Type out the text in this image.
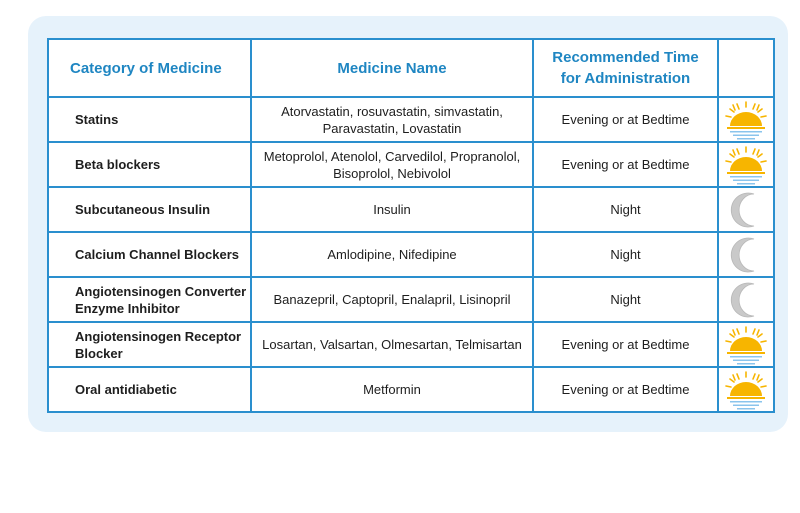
Category of Medicine	Medicine Name	Recommended Time for Administration	

Statins	Atorvastatin, rosuvastatin, simvastatin, Paravastatin, Lovastatin	Evening or at Bedtime	
Beta blockers	Metoprolol, Atenolol, Carvedilol, Propranolol, Bisoprolol, Nebivolol	Evening or at Bedtime	
Subcutaneous Insulin	Insulin	Night	
Calcium Channel Blockers	Amlodipine, Nifedipine	Night	
Angiotensinogen Converter Enzyme Inhibitor	Banazepril, Captopril, Enalapril, Lisinopril	Night	
Angiotensinogen Receptor Blocker	Losartan, Valsartan, Olmesartan, Telmisartan	Evening or at Bedtime	
Oral antidiabetic	Metformin	Evening or at Bedtime	
